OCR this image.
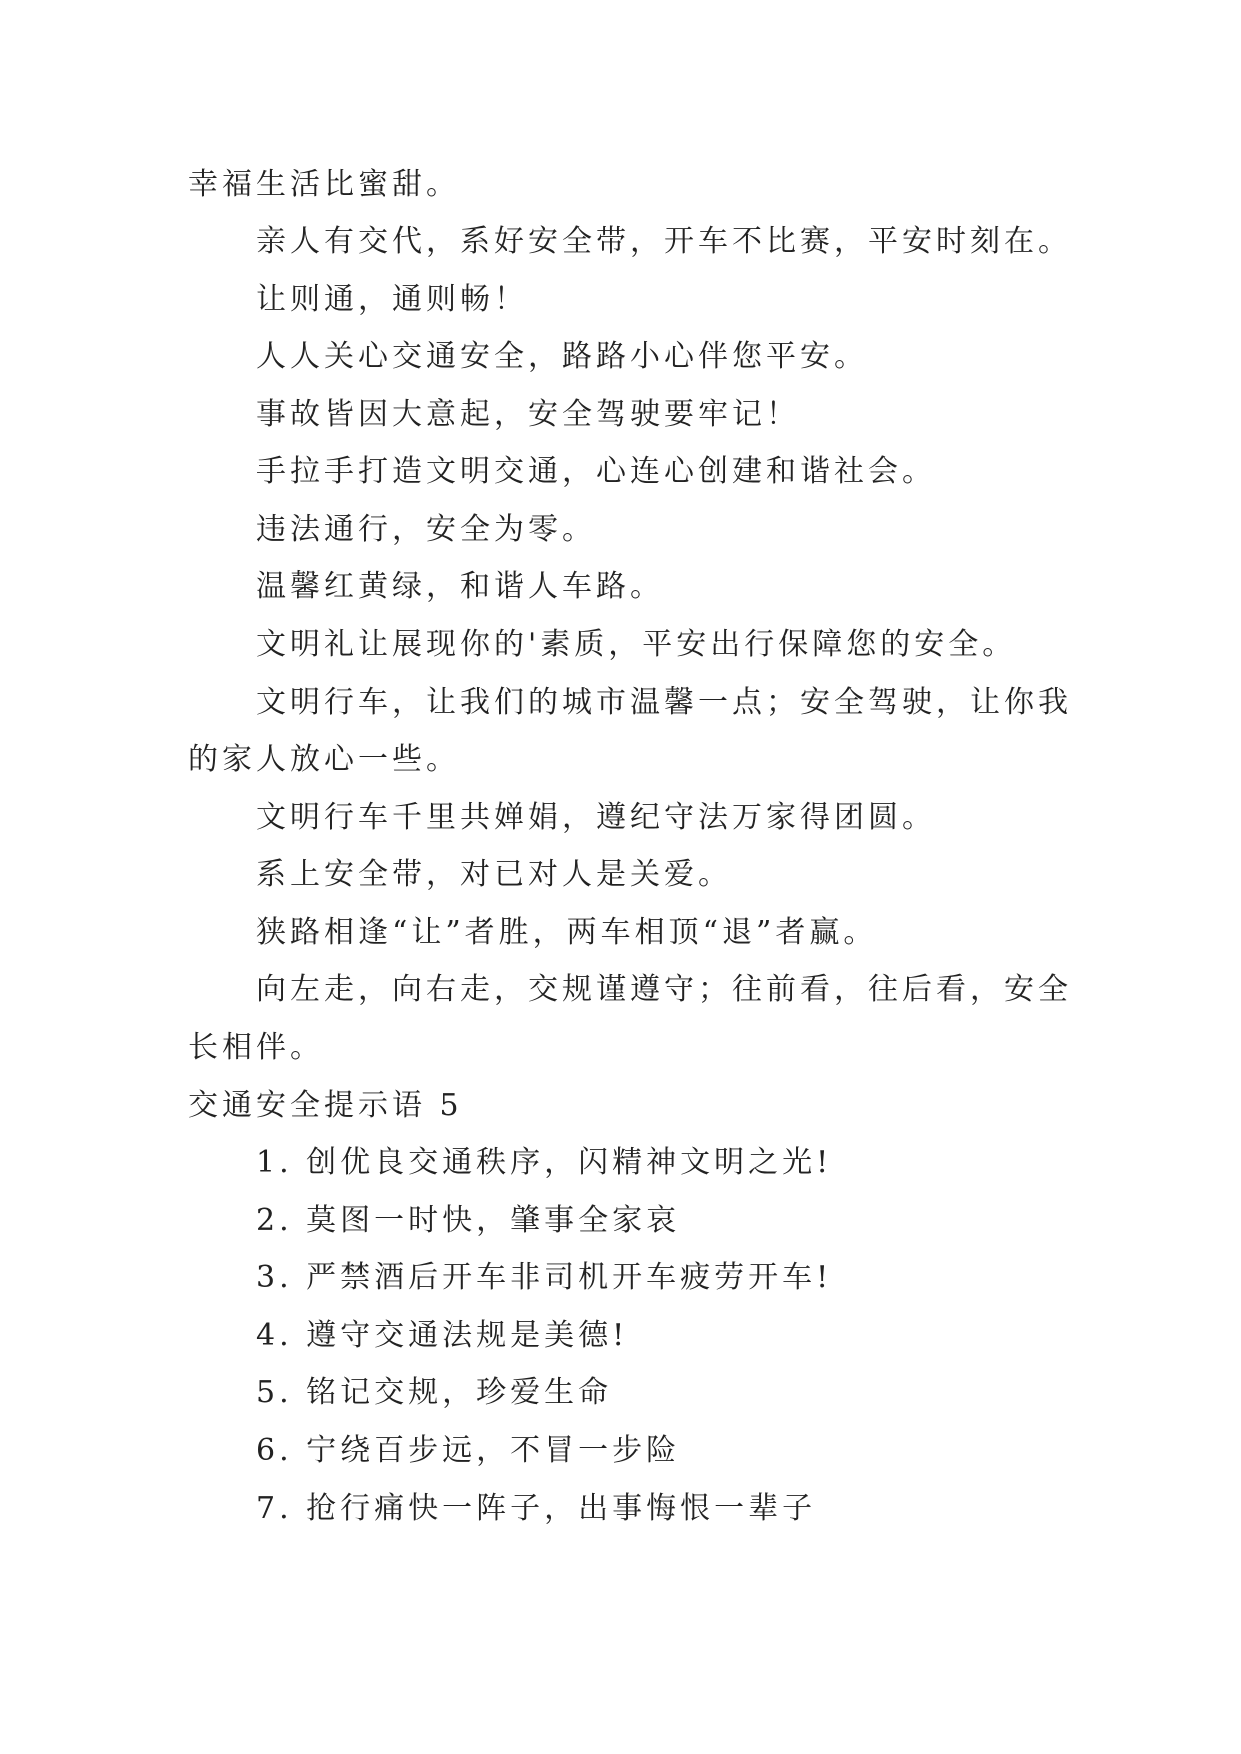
幸福生活比蜜甜。
亲人有交代，系好安全带，开车不比赛，平安时刻在。
让则通，通则畅！
人人关心交通安全，路路小心伴您平安。
事故皆因大意起，安全驾驶要牢记！
手拉手打造文明交通，心连心创建和谐社会。
违法通行，安全为零。
温馨红黄绿，和谐人车路。
文明礼让展现你的'素质，平安出行保障您的安全。
文明行车，让我们的城市温馨一点；安全驾驶，让你我
的家人放心一些。
文明行车千里共婵娟，遵纪守法万家得团圆。
系上安全带，对已对人是关爱。
狭路相逢“让”者胜，两车相顶“退”者赢。
向左走，向右走，交规谨遵守；往前看，往后看，安全
长相伴。
交通安全提示语 5
1. 创优良交通秩序，闪精神文明之光!
2. 莫图一时快，肇事全家哀
3. 严禁酒后开车非司机开车疲劳开车!
4. 遵守交通法规是美德!
5. 铭记交规，珍爱生命
6. 宁绕百步远，不冒一步险
7. 抢行痛快一阵子，出事悔恨一辈子
